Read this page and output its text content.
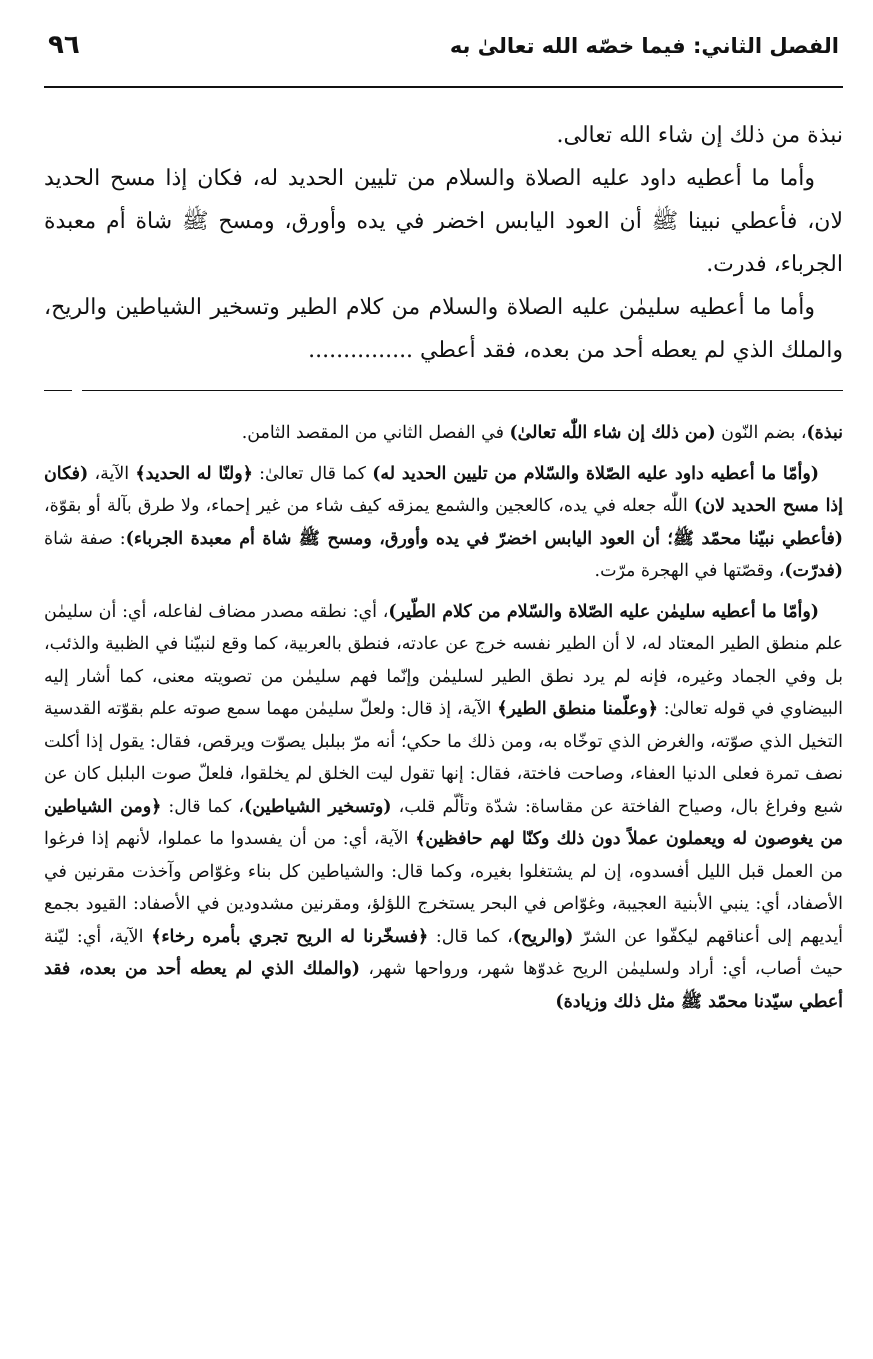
الفصل الثاني: فيما خصّه الله تعالىٰ به
٩٦

نبذة من ذلك إن شاء الله تعالى.

وأما ما أعطيه داود عليه الصلاة والسلام من تليين الحديد له، فكان إذا مسح الحديد لان، فأعطي نبينا ﷺ أن العود اليابس اخضر في يده وأورق، ومسح ﷺ شاة أم معبدة الجرباء، فدرت.

وأما ما أعطيه سليمٰن عليه الصلاة والسلام من كلام الطير وتسخير الشياطين والريح، والملك الذي لم يعطه أحد من بعده، فقد أعطي ...............

نبذة)، بضم النّون (من ذلك إن شاء اللّٰه تعالىٰ) في الفصل الثاني من المقصد الثامن.

(وأمّا ما أعطيه داود عليه الصّلاة والسّلام من تليين الحديد له) كما قال تعالىٰ: ﴿ولنّا له الحديد﴾ الآية، (فكان إذا مسح الحديد لان) اللّٰه جعله في يده، كالعجين والشمع يمزقه كيف شاء من غير إحماء، ولا طرق بآلة أو بقوّة، (فأعطي نبيّنا محمّد ﷺ؛ أن العود اليابس اخضرّ في يده وأورق، ومسح ﷺ شاة أم معبدة الجرباء): صفة شاة (فدرّت)، وقصّتها في الهجرة مرّت.

(وأمّا ما أعطيه سليمٰن عليه الصّلاة والسّلام من كلام الطّير)، أي: نطقه مصدر مضاف لفاعله، أي: أن سليمٰن علم منطق الطير المعتاد له، لا أن الطير نفسه خرج عن عادته، فنطق بالعربية، كما وقع لنبيّنا في الظبية والذئب، بل وفي الجماد وغيره، فإنه لم يرد نطق الطير لسليمٰن وإنّما فهم سليمٰن من تصويته معنى، كما أشار إليه البيضاوي في قوله تعالىٰ: ﴿وعلّمنا منطق الطير﴾ الآية، إذ قال: ولعلّ سليمٰن مهما سمع صوته علم بقوّته القدسية التخيل الذي صوّته، والغرض الذي توخّاه به، ومن ذلك ما حكي؛ أنه مرّ ببلبل يصوّت ويرقص، فقال: يقول إذا أكلت نصف تمرة فعلى الدنيا العفاء، وصاحت فاختة، فقال: إنها تقول ليت الخلق لم يخلقوا، فلعلّ صوت البلبل كان عن شبع وفراغ بال، وصياح الفاختة عن مقاساة: شدّة وتألّم قلب، (وتسخير الشياطين)، كما قال: ﴿ومن الشياطين من يغوصون له ويعملون عملاً دون ذلك وكنّا لهم حافظين﴾ الآية، أي: من أن يفسدوا ما عملوا، لأنهم إذا فرغوا من العمل قبل الليل أفسدوه، إن لم يشتغلوا بغيره، وكما قال: والشياطين كل بناء وغوّاص وآخذت مقرنين في الأصفاد، أي: ينبي الأبنية العجيبة، وغوّاص في البحر يستخرج اللؤلؤ، ومقرنين مشدودين في الأصفاد: القيود بجمع أيديهم إلى أعناقهم ليكفّوا عن الشرّ (والريح)، كما قال: ﴿فسخّرنا له الريح تجري بأمره رخاء﴾ الآية، أي: ليّنة حيث أصاب، أي: أراد ولسليمٰن الريح غدوّها شهر، ورواحها شهر، (والملك الذي لم يعطه أحد من بعده، فقد أعطي سيّدنا محمّد ﷺ مثل ذلك وزيادة)
